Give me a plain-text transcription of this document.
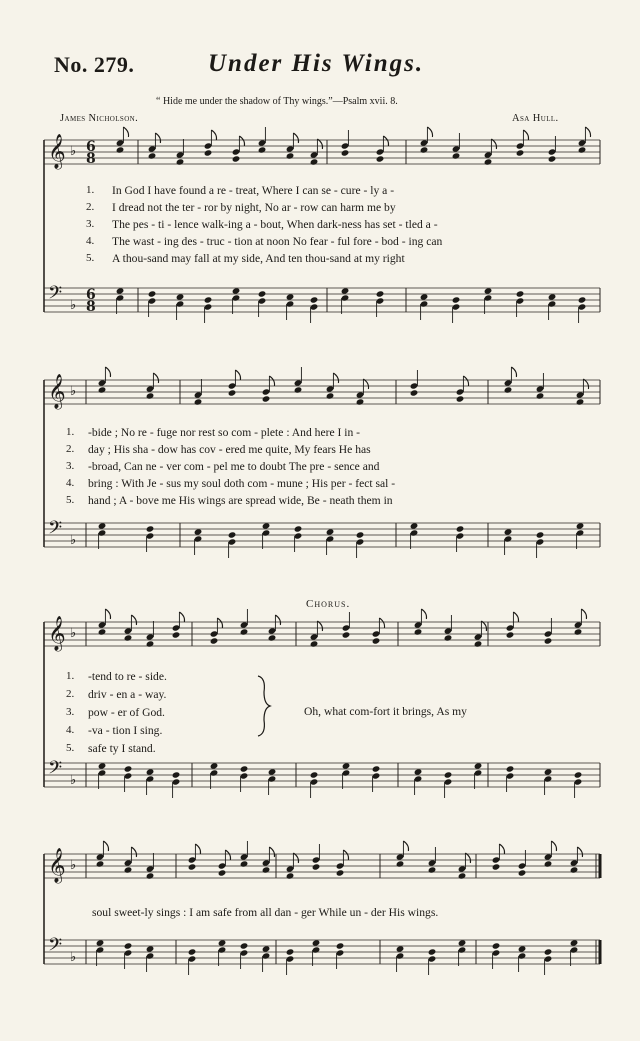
No. 279.	Under His Wings.
“ Hide me under the shadow of Thy wings.”—Psalm xvii. 8.
James Nicholson.	Asa Hull.
𝄞 ♭
𝄢 ♭
𝄞 ♭
𝄢 ♭
𝄞 ♭
𝄢 ♭
𝄞 ♭
𝄢 ♭
6
8
6
8
1. In God I have found a re - treat, Where I can se - cure - ly a -
2. I dread not the ter - ror by night, No ar - row can harm me by
3. The pes - ti - lence walk-ing a - bout, When dark-ness has set - tled a -
4. The wast - ing des - truc - tion at noon No fear - ful fore - bod - ing can
5. A thou-sand may fall at my side, And ten thou-sand at my right
1. -bide ; No re - fuge nor rest so com - plete : And here I in -
2. day ; His sha - dow has cov - ered me quite, My fears He has
3. -broad, Can ne - ver com - pel me to doubt The pre - sence and
4. bring : With Je - sus my soul doth com - mune ; His per - fect sal -
5. hand ; A - bove me His wings are spread wide, Be - neath them in
Chorus.
1. -tend to re - side.
2. driv - en a - way.
3. pow - er of God.
4. -va - tion I sing.
5. safe ty I stand.
Oh, what com-fort it brings, As my
soul sweet-ly sings : I am safe from all dan - ger While un - der His wings.
